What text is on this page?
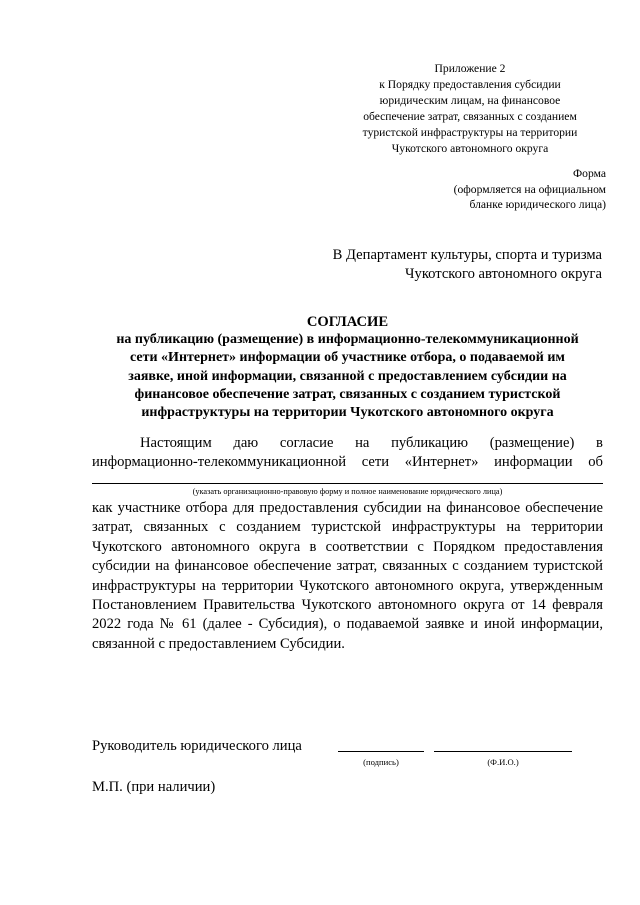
Приложение 2
к Порядку предоставления субсидии
юридическим лицам, на финансовое
обеспечение затрат, связанных с созданием
туристской инфраструктуры на территории
Чукотского автономного округа
Форма
(оформляется на официальном
бланке юридического лица)
В Департамент культуры, спорта и туризма
Чукотского автономного округа
СОГЛАСИЕ
на публикацию (размещение) в информационно-телекоммуникационной
сети «Интернет» информации об участнике отбора, о подаваемой им
заявке, иной информации, связанной с предоставлением субсидии на
финансовое обеспечение затрат, связанных с созданием туристской
инфраструктуры на территории Чукотского автономного округа
Настоящим даю согласие на публикацию (размещение) в
информационно-телекоммуникационной сети «Интернет» информации об
(указать организационно-правовую форму и полное наименование юридического лица)
как участнике отбора для предоставления субсидии на финансовое обеспечение затрат, связанных с созданием туристской инфраструктуры на территории Чукотского автономного округа в соответствии с Порядком предоставления субсидии на финансовое обеспечение затрат, связанных с созданием туристской инфраструктуры на территории Чукотского автономного округа, утвержденным Постановлением Правительства Чукотского автономного округа от 14 февраля 2022 года № 61 (далее - Субсидия), о подаваемой заявке и иной информации, связанной с предоставлением Субсидии.
Руководитель юридического лица
(подпись)	(Ф.И.О.)
М.П. (при наличии)
